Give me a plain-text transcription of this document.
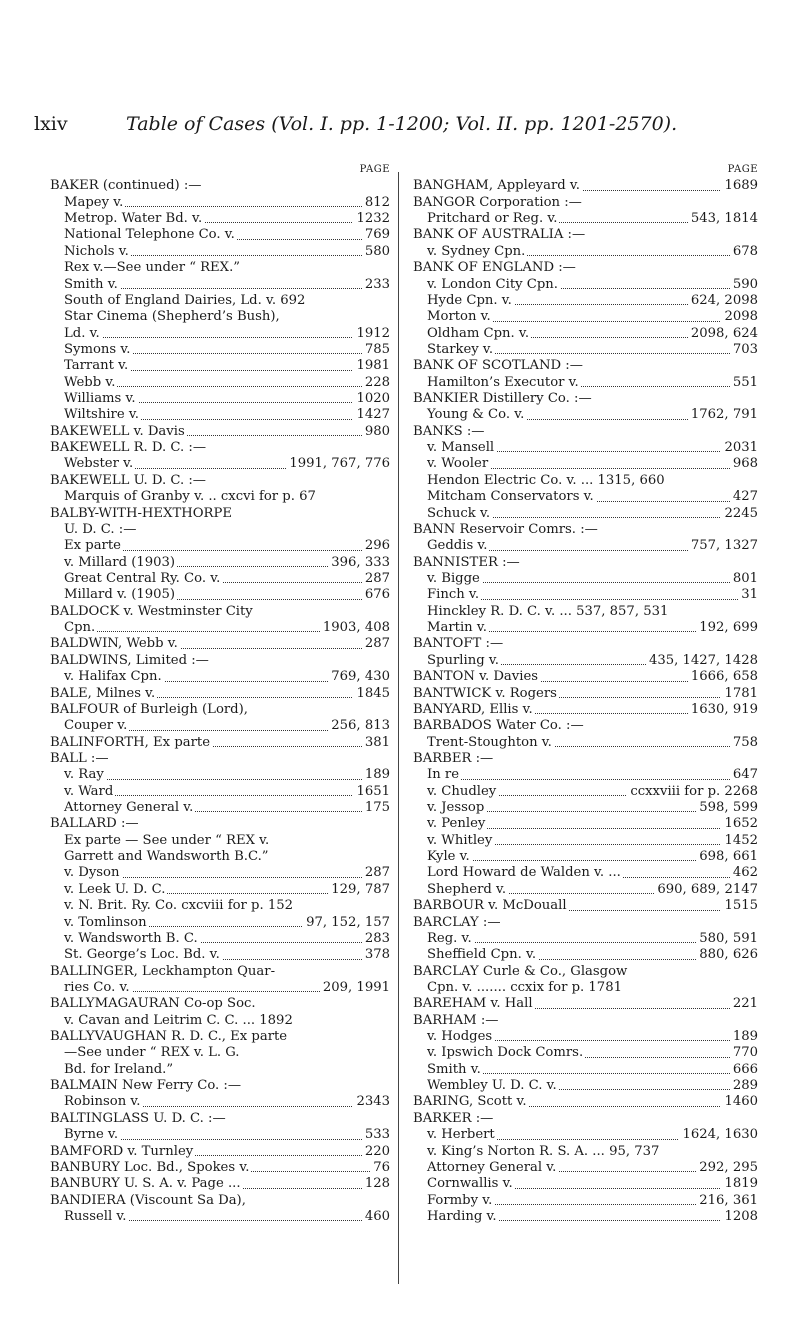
lxiv	Table of Cases (Vol. I. pp. 1-1200; Vol. II. pp. 1201-2570).
PAGE
BAKER (continued) :—
Mapey v.	812
Metrop. Water Bd. v.	1232
National Telephone Co. v.	769
Nichols v.	580
Rex v.—See under “ REX.”
Smith v.	233
South of England Dairies, Ld. v. 692
Star Cinema (Shepherd’s Bush),
Ld. v.	1912
Symons v.	785
Tarrant v.	1981
Webb v.	228
Williams v.	1020
Wiltshire v.	1427
BAKEWELL v. Davis	980
BAKEWELL R. D. C. :—
Webster v.	1991, 767, 776
BAKEWELL U. D. C. :—
Marquis of Granby v. .. cxcvi for p. 67
BALBY-WITH-HEXTHORPE
U. D. C. :—
Ex parte	296
v. Millard (1903)	396, 333
Great Central Ry. Co. v.	287
Millard v. (1905)	676
BALDOCK v. Westminster City
Cpn.	1903, 408
BALDWIN, Webb v.	287
BALDWINS, Limited :—
v. Halifax Cpn.	769, 430
BALE, Milnes v.	1845
BALFOUR of Burleigh (Lord),
Couper v.	256, 813
BALINFORTH, Ex parte	381
BALL :—
v. Ray	189
v. Ward	1651
Attorney General v.	175
BALLARD :—
Ex parte — See under “ REX v.
Garrett and Wandsworth B.C.”
v. Dyson	287
v. Leek U. D. C.	129, 787
v. N. Brit. Ry. Co. cxcviii for p. 152
v. Tomlinson	97, 152, 157
v. Wandsworth B. C.	283
St. George’s Loc. Bd. v.	378
BALLINGER, Leckhampton Quar-
ries Co. v.	209, 1991
BALLYMAGAURAN Co-op Soc.
v. Cavan and Leitrim C. C. ... 1892
BALLYVAUGHAN R. D. C., Ex parte
—See under “ REX v. L. G.
Bd. for Ireland.”
BALMAIN New Ferry Co. :—
Robinson v.	2343
BALTINGLASS U. D. C. :—
Byrne v.	533
BAMFORD v. Turnley	220
BANBURY Loc. Bd., Spokes v.	76
BANBURY U. S. A. v. Page ...	128
BANDIERA (Viscount Sa Da),
Russell v.	460
PAGE
BANGHAM, Appleyard v.	1689
BANGOR Corporation :—
Pritchard or Reg. v.	543, 1814
BANK OF AUSTRALIA :—
v. Sydney Cpn.	678
BANK OF ENGLAND :—
v. London City Cpn.	590
Hyde Cpn. v.	624, 2098
Morton v.	2098
Oldham Cpn. v.	2098, 624
Starkey v.	703
BANK OF SCOTLAND :—
Hamilton’s Executor v.	551
BANKIER Distillery Co. :—
Young & Co. v.	1762, 791
BANKS :—
v. Mansell	2031
v. Wooler	968
Hendon Electric Co. v. ... 1315, 660
Mitcham Conservators v.	427
Schuck v.	2245
BANN Reservoir Comrs. :—
Geddis v.	757, 1327
BANNISTER :—
v. Bigge	801
Finch v.	31
Hinckley R. D. C. v. ... 537, 857, 531
Martin v.	192, 699
BANTOFT :—
Spurling v.	435, 1427, 1428
BANTON v. Davies	1666, 658
BANTWICK v. Rogers	1781
BANYARD, Ellis v.	1630, 919
BARBADOS Water Co. :—
Trent-Stoughton v.	758
BARBER :—
In re	647
v. Chudley	ccxxviii for p. 2268
v. Jessop	598, 599
v. Penley	1652
v. Whitley	1452
Kyle v.	698, 661
Lord Howard de Walden v. ...	462
Shepherd v.	690, 689, 2147
BARBOUR v. McDouall	1515
BARCLAY :—
Reg. v.	580, 591
Sheffield Cpn. v.	880, 626
BARCLAY Curle & Co., Glasgow
Cpn. v. ....... ccxix for p. 1781
BAREHAM v. Hall	221
BARHAM :—
v. Hodges	189
v. Ipswich Dock Comrs.	770
Smith v.	666
Wembley U. D. C. v.	289
BARING, Scott v.	1460
BARKER :—
v. Herbert	1624, 1630
v. King’s Norton R. S. A. ... 95, 737
Attorney General v.	292, 295
Cornwallis v.	1819
Formby v.	216, 361
Harding v.	1208
